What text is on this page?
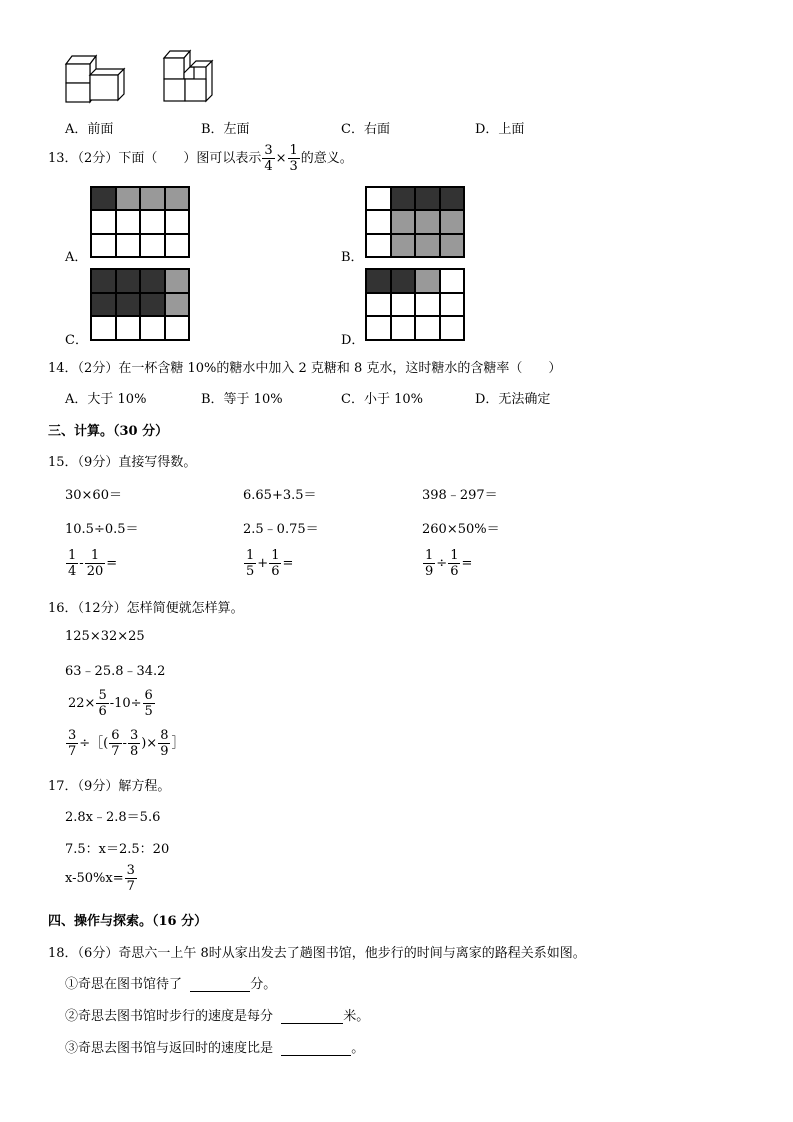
A．前面	B．左面	C．右面	D．上面
13．（2分）下面（　　）图可以表示 $\frac{3}{4} \times \frac{1}{3}$ 的意义。
A．	B．
C．	D．
14．（2分）在一杯含糖 10%的糖水中加入 2 克糖和 8 克水，这时糖水的含糖率（　　）
A．大于 10%	B．等于 10%	C．小于 10%	D．无法确定
三、计算。（30 分）
15．（9分）直接写得数。
30×60＝	6.65+3.5＝	398﹣297＝
10.5÷0.5＝	2.5﹣0.75＝	260×50%＝
$\frac{1}{4} - \frac{1}{20}$ =	$\frac{1}{5} + \frac{1}{6}$ =	$\frac{1}{9} \div \frac{1}{6}$ =
16．（12分）怎样简便就怎样算。
125×32×25
63﹣25.8﹣34.2
$22\times \frac{5}{6} -10\div \frac{6}{5}$
$\frac{3}{7}$ ÷［( $\frac{6}{7} - \frac{3}{8}$ )× $\frac{8}{9}$ ］
17．（9分）解方程。
2.8x﹣2.8＝5.6
7.5：x＝2.5：20
$x-50\%x= \frac{3}{7}$
四、操作与探索。（16 分）
18．（6分）奇思六一上午 8时从家出发去了趟图书馆，他步行的时间与离家的路程关系如图。
①奇思在图书馆待了	分。
②奇思去图书馆时步行的速度是每分	米。
③奇思去图书馆与返回时的速度比是	。
